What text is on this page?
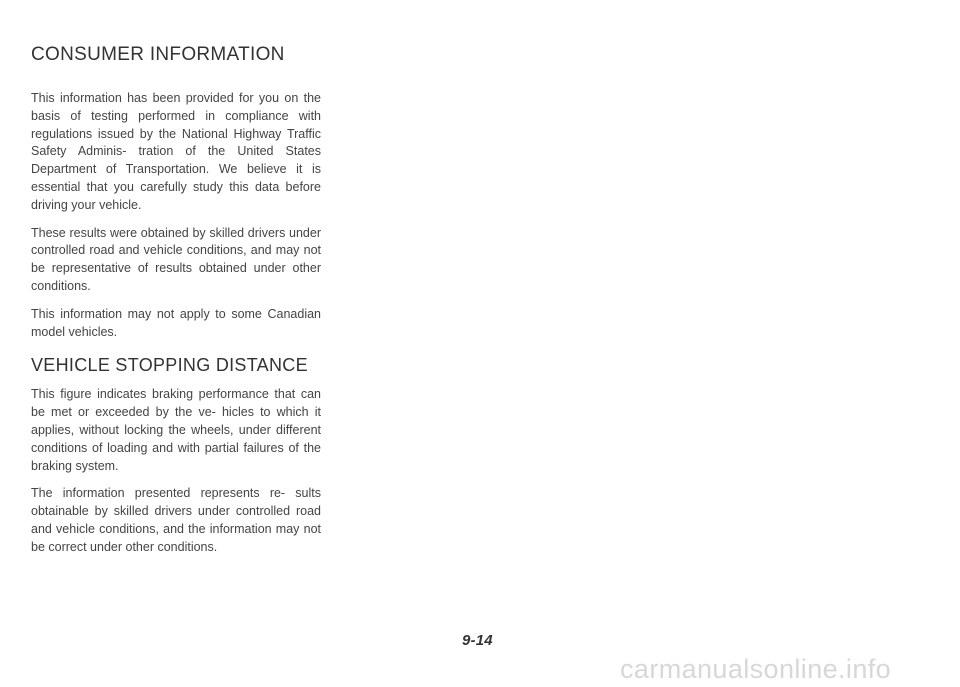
CONSUMER INFORMATION

This information has been provided for you on the basis of testing performed in compliance with regulations issued by the National Highway Traffic Safety Adminis- tration of the United States Department of Transportation. We believe it is essential that you carefully study this data before driving your vehicle.

These results were obtained by skilled drivers under controlled road and vehicle conditions, and may not be representative of results obtained under other conditions.

This information may not apply to some Canadian model vehicles.

VEHICLE STOPPING DISTANCE

This figure indicates braking performance that can be met or exceeded by the ve- hicles to which it applies, without locking the wheels, under different conditions of loading and with partial failures of the braking system.

The information presented represents re- sults obtainable by skilled drivers under controlled road and vehicle conditions, and the information may not be correct under other conditions.

9-14
carmanualsonline.info
